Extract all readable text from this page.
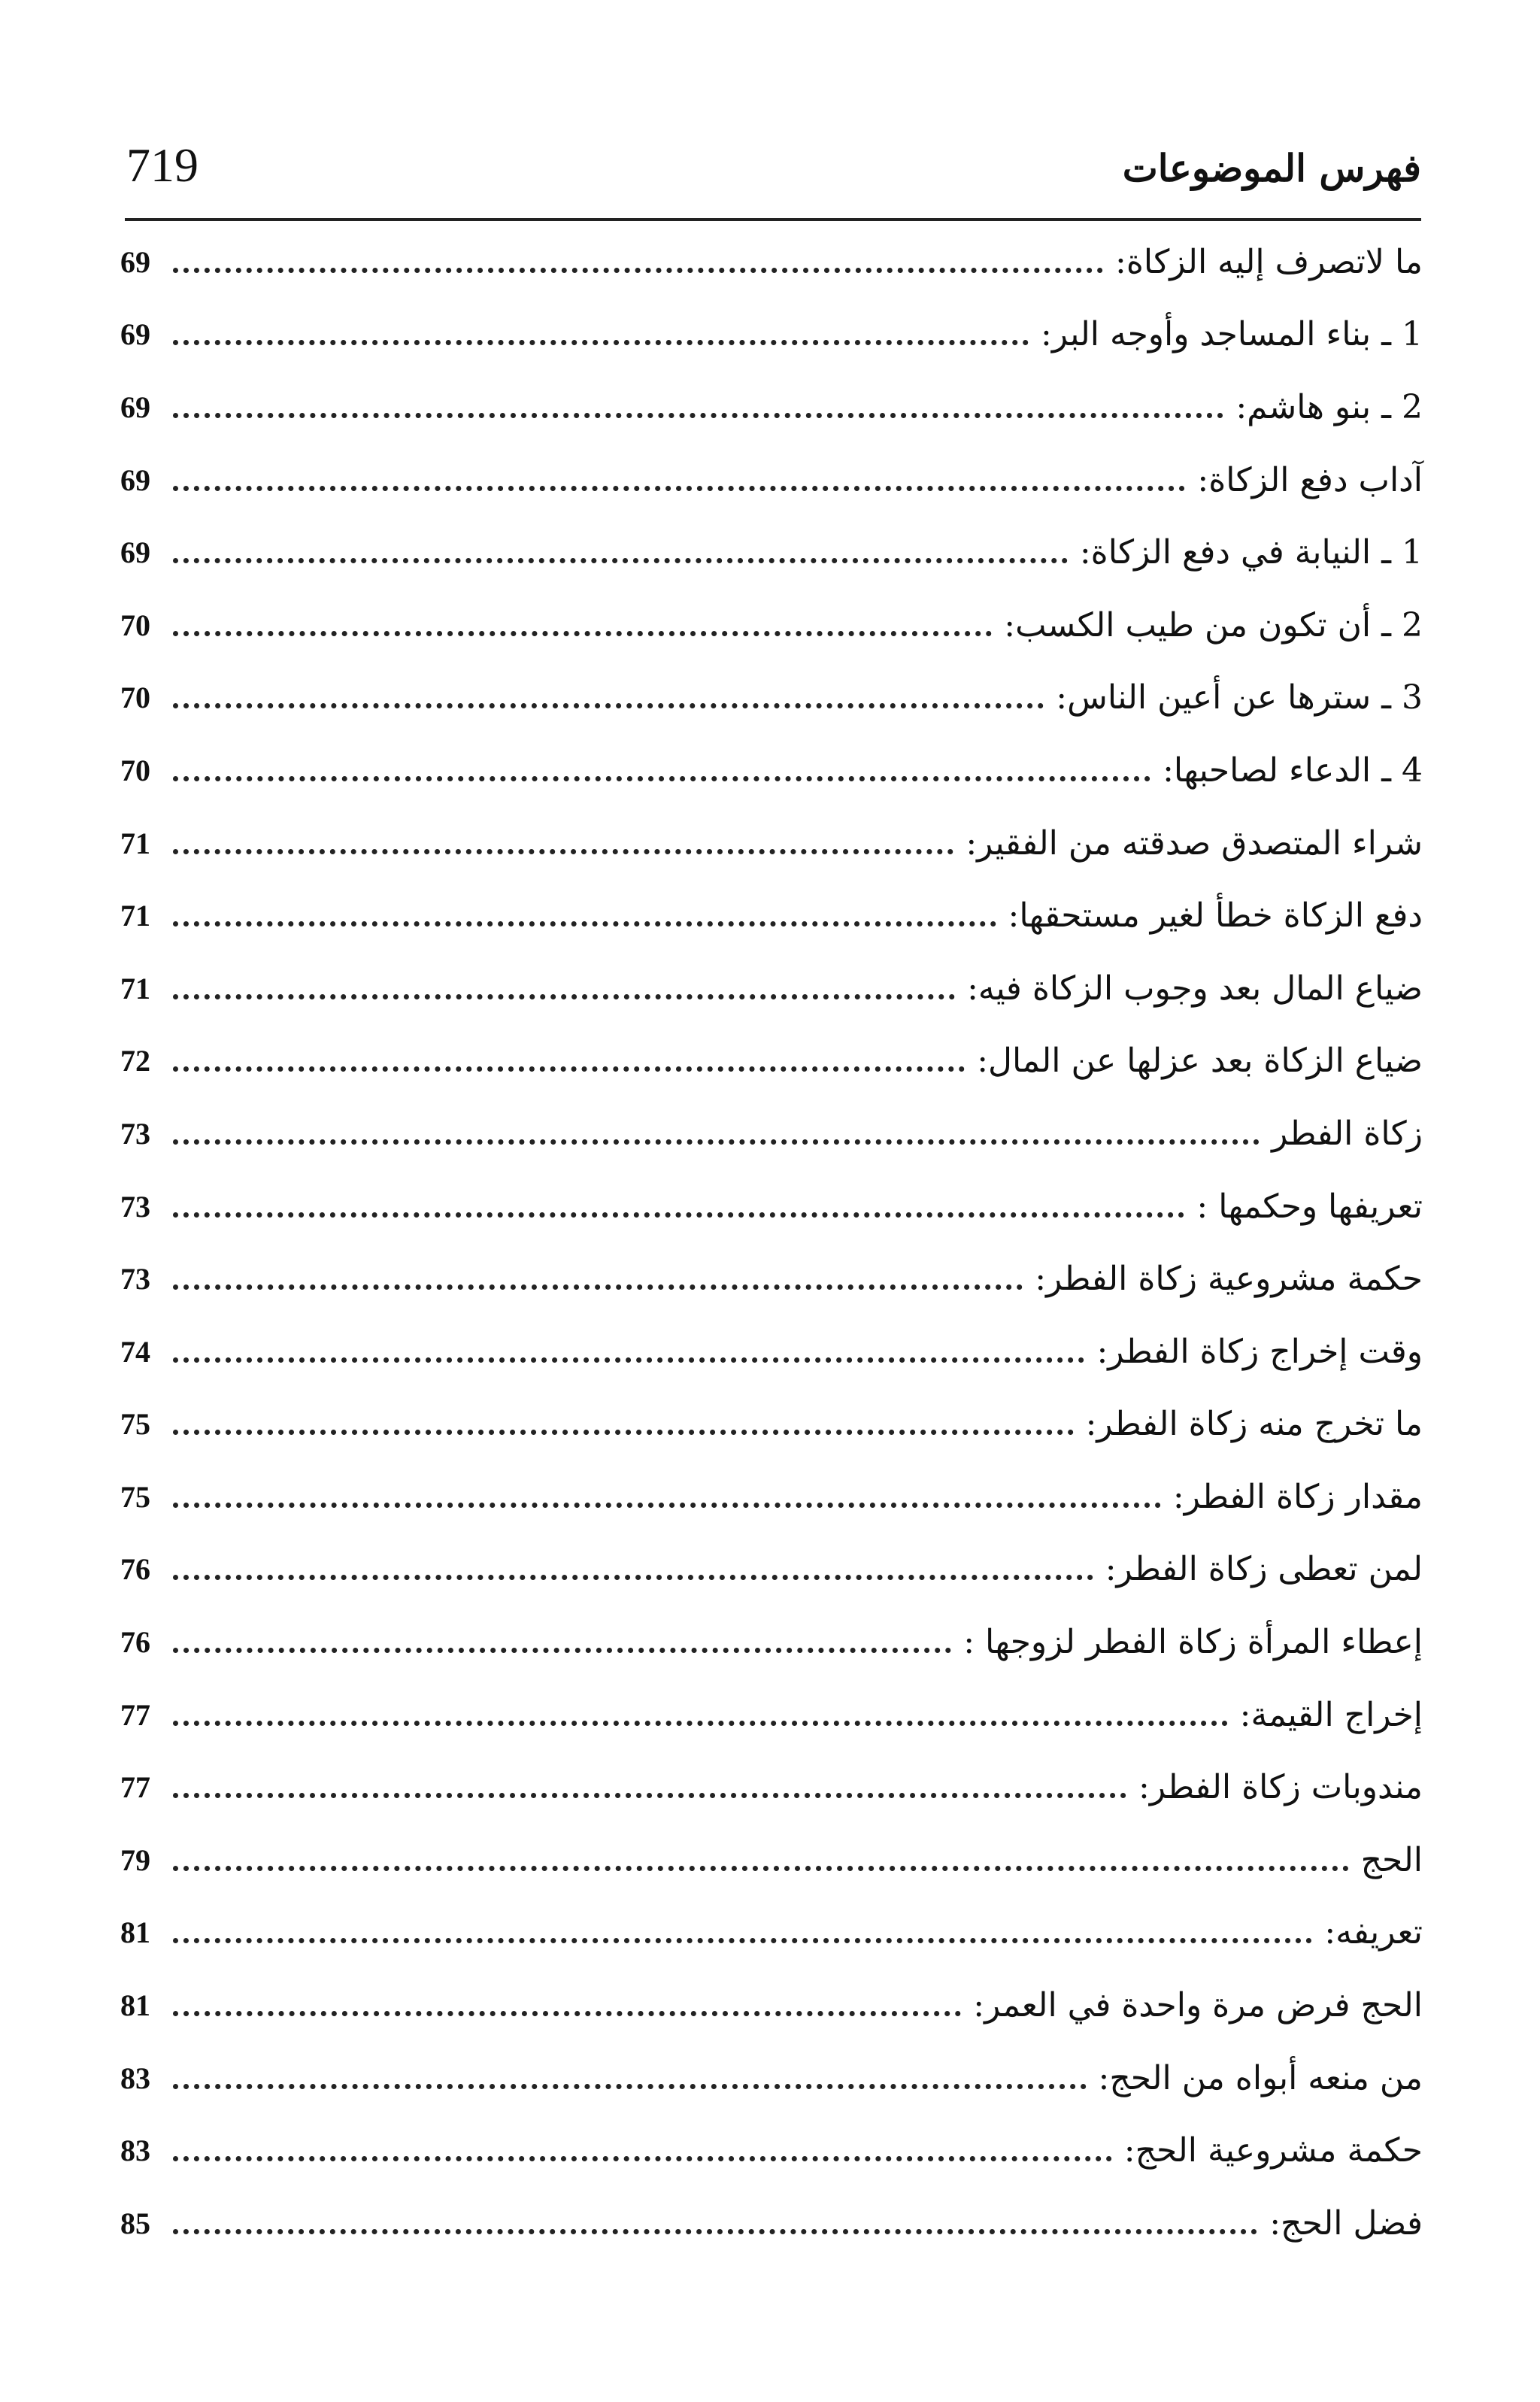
719	فهرس الموضوعات
ما لاتصرف إليه الزكاة:
69
1 ـ بناء المساجد وأوجه البر:
69
2 ـ بنو هاشم:
69
آداب دفع الزكاة:
69
1 ـ النيابة في دفع الزكاة:
69
2 ـ أن تكون من طيب الكسب:
70
3 ـ سترها عن أعين الناس:
70
4 ـ الدعاء لصاحبها:
70
شراء المتصدق صدقته من الفقير:
71
دفع الزكاة خطأ لغير مستحقها:
71
ضياع المال بعد وجوب الزكاة فيه:
71
ضياع الزكاة بعد عزلها عن المال:
72
زكاة الفطر
73
تعريفها وحكمها :
73
حكمة مشروعية زكاة الفطر:
73
وقت إخراج زكاة الفطر:
74
ما تخرج منه زكاة الفطر:
75
مقدار زكاة الفطر:
75
لمن تعطى زكاة الفطر:
76
إعطاء المرأة زكاة الفطر لزوجها :
76
إخراج القيمة:
77
مندوبات زكاة الفطر:
77
الحج
79
تعريفه:
81
الحج فرض مرة واحدة في العمر:
81
من منعه أبواه من الحج:
83
حكمة مشروعية الحج:
83
فضل الحج:
85
